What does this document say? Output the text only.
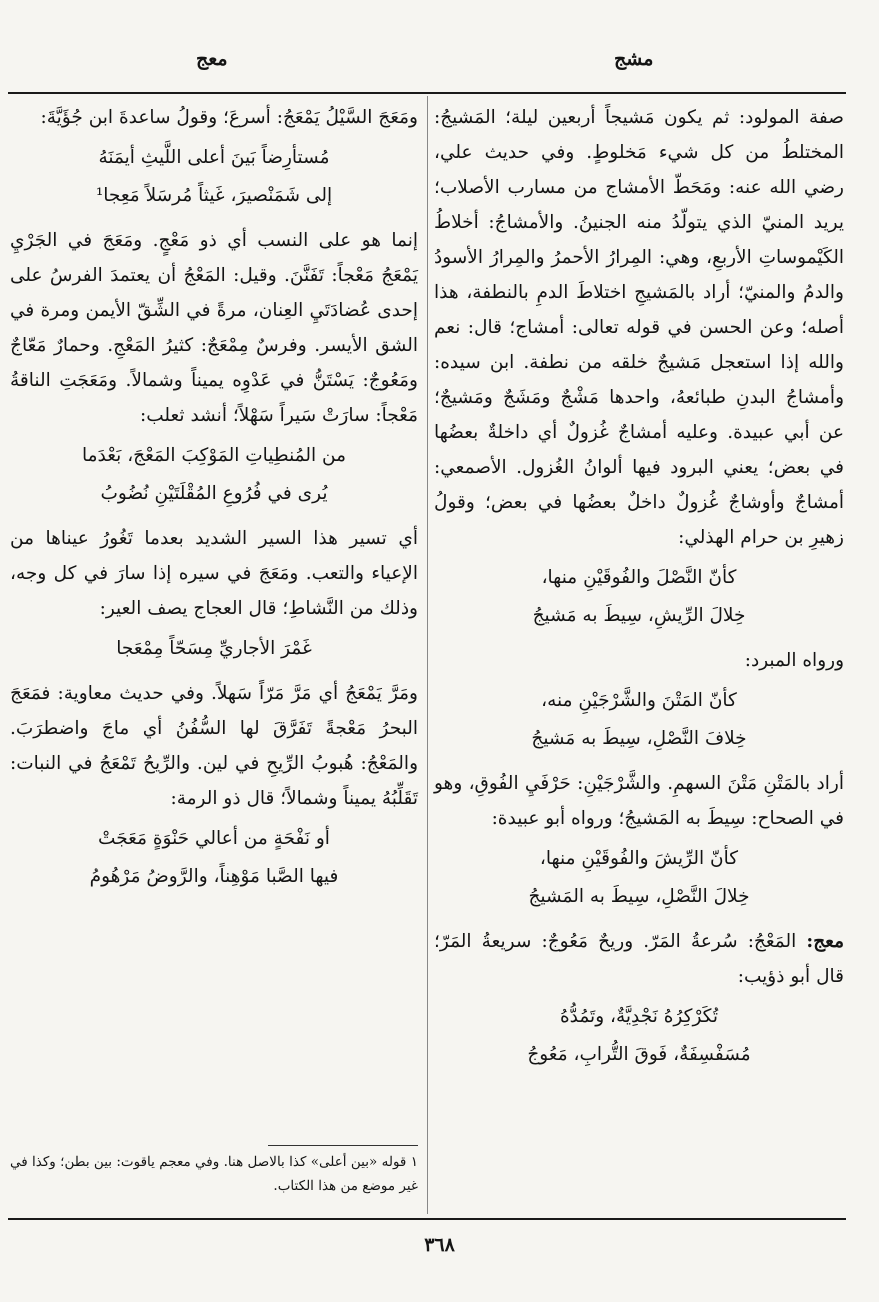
مشج
معج

صفة المولود: ثم يكون مَشيجاً أربعين ليلة؛ المَشيجُ: المختلطُ من كل شيء مَخلوطٍ. وفي حديث علي، رضي الله عنه: ومَحَطّ الأمشاج من مسارب الأصلاب؛ يريد المنيّ الذي يتولّدُ منه الجنينُ. والأمشاجُ: أخلاطُ الكَيْموساتِ الأربعِ، وهي: المِرارُ الأحمرُ والمِرارُ الأسودُ والدمُ والمنيّ؛ أراد بالمَشيجِ اختلاطَ الدمِ بالنطفة، هذا أصله؛ وعن الحسن في قوله تعالى: أمشاج؛ قال: نعم والله إذا استعجل مَشيجٌ خلقه من نطفة. ابن سيده: وأمشاجُ البدنِ طبائعهُ، واحدها مَشْجٌ ومَشَجٌ ومَشيجٌ؛ عن أبي عبيدة. وعليه أمشاجٌ غُزولٌ أي داخلةٌ بعضُها في بعض؛ يعني البرود فيها ألوانُ الغُزول. الأصمعي: أمشاجٌ وأوشاجٌ غُزولٌ داخلٌ بعضُها في بعض؛ وقولُ زهيرِ بن حرام الهذلي:

كأنّ النَّصْلَ والفُوقَيْنِ منها،
خِلالَ الرِّيشِ، سِيطَ به مَشيجُ

ورواه المبرد:

كأنّ المَتْنَ والشَّرْجَيْنِ منه،
خِلافَ النَّصْلِ، سِيطَ به مَشيجُ

أراد بالمَتْنِ مَتْنَ السهمِ. والشَّرْجَيْنِ: حَرْفَيِ الفُوقِ، وهو في الصحاح: سِيطَ به المَشيجُ؛ ورواه أبو عبيدة:

كأنّ الرِّيشَ والفُوقَيْنِ منها،
خِلالَ النَّصْلِ، سِيطَ به المَشيجُ

معج: المَعْجُ: سُرعةُ المَرّ. وريحٌ مَعُوجٌ: سريعةُ المَرّ؛ قال أبو ذؤيب:

تُكَرْكِرُهُ نَجْدِيَّةٌ، وتَمُدُّهُ
مُسَفْسِفَةٌ، فَوقَ التُّرابِ، مَعُوجُ

ومَعَجَ السَّيْلُ يَمْعَجُ: أسرعَ؛ وقولُ ساعدةَ ابن جُؤَيَّةَ:

مُستأرِضاً بَينَ أعلى اللَّيثِ أيمَنَهُ
إلى شَمَنْصيرَ، غَيثاً مُرسَلاً مَعِجا¹

إنما هو على النسب أي ذو مَعْجٍ. ومَعَجَ في الجَرْيِ يَمْعَجُ مَعْجاً: تَفَنَّنَ. وقيل: المَعْجُ أن يعتمدَ الفرسُ على إحدى عُضادَتَيِ العِنان، مرةً في الشِّقّ الأيمن ومرة في الشق الأيسر. وفرسٌ مِمْعَجٌ: كثيرُ المَعْجِ. وحمارٌ مَعّاجٌ ومَعُوجٌ: يَسْتَنُّ في عَدْوِه يميناً وشمالاً. ومَعَجَتِ الناقةُ مَعْجاً: سارَتْ سَيراً سَهْلاً؛ أنشد ثعلب:

من المُنطِياتِ المَوْكِبَ المَعْجَ، بَعْدَما
يُرى في فُرُوعِ المُقْلَتَيْنِ نُضُوبُ

أي تسير هذا السير الشديد بعدما تَغُورُ عيناها من الإعياء والتعب. ومَعَجَ في سيره إذا سارَ في كل وجه، وذلك من النَّشاطِ؛ قال العجاج يصف العير:

غَمْرَ الأجاريِّ مِسَحّاً مِمْعَجا

ومَرَّ يَمْعَجُ أي مَرَّ مَرّاً سَهلاً. وفي حديث معاوية: فمَعَجَ البحرُ مَعْجةً تَفَرَّقَ لها السُّفُنُ أي ماجَ واضطرَبَ. والمَعْجُ: هُبوبُ الرِّيحِ في لين. والرِّيحُ تَمْعَجُ في النبات: تَقَلِّبُهُ يميناً وشمالاً؛ قال ذو الرمة:

أو نَفْحَةٍ من أعالي حَنْوَةٍ مَعَجَتْ
فيها الصَّبا مَوْهِناً، والرَّوضُ مَرْهُومُ
١ قوله «بين أعلى» كذا بالاصل هنا. وفي معجم ياقوت: بين بطن؛ وكذا في غير موضع من هذا الكتاب.
٣٦٨
